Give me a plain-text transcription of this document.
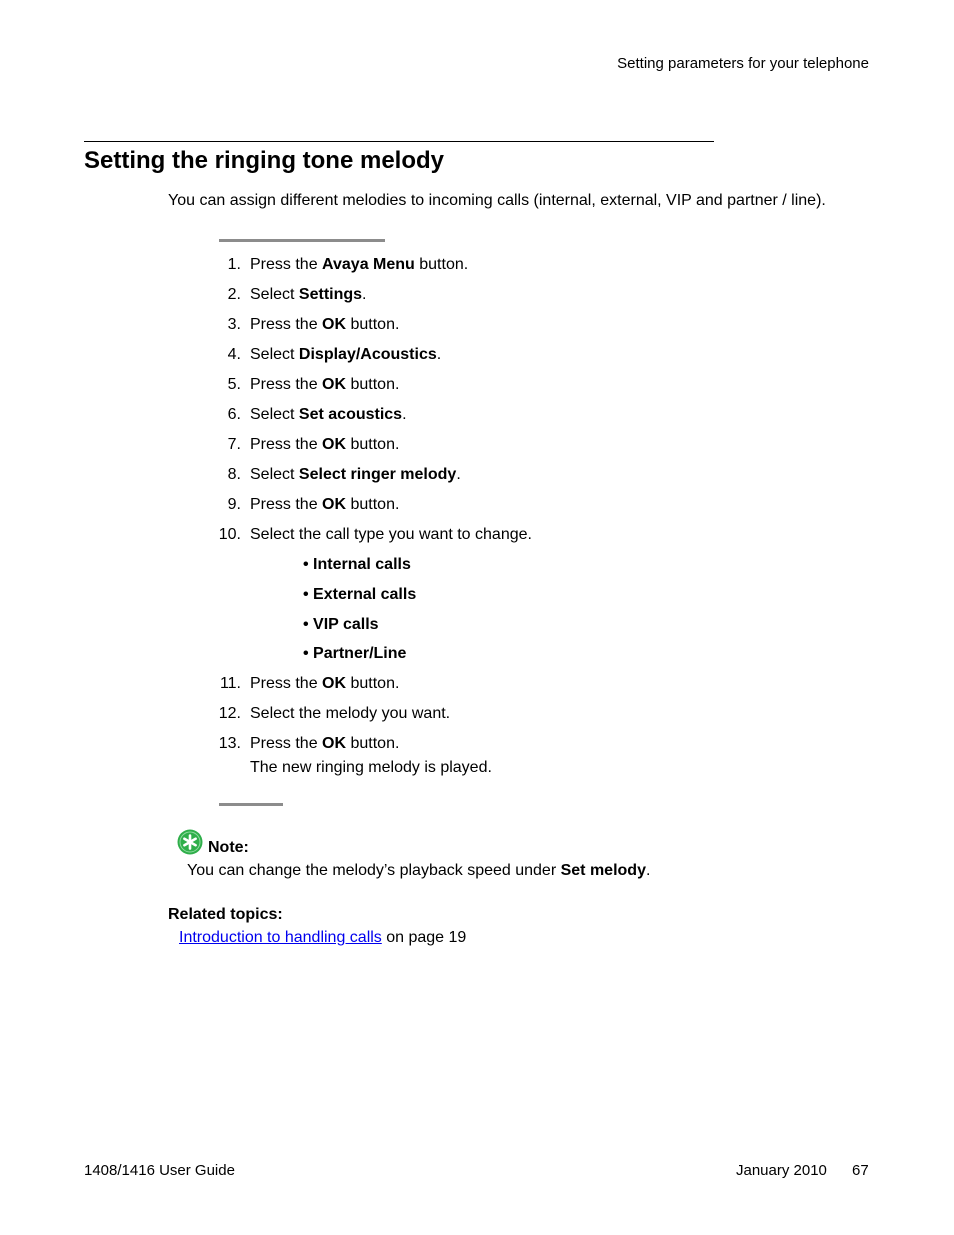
Setting parameters for your telephone
Setting the ringing tone melody
You can assign different melodies to incoming calls (internal, external, VIP and partner / line).
1. Press the Avaya Menu button.
2. Select Settings.
3. Press the OK button.
4. Select Display/Acoustics.
5. Press the OK button.
6. Select Set acoustics.
7. Press the OK button.
8. Select Select ringer melody.
9. Press the OK button.
10. Select the call type you want to change.
• Internal calls
• External calls
• VIP calls
• Partner/Line
11. Press the OK button.
12. Select the melody you want.
13. Press the OK button.
The new ringing melody is played.
Note:
You can change the melody’s playback speed under Set melody.
Related topics:
Introduction to handling calls on page 19
1408/1416 User Guide	January 2010 67
